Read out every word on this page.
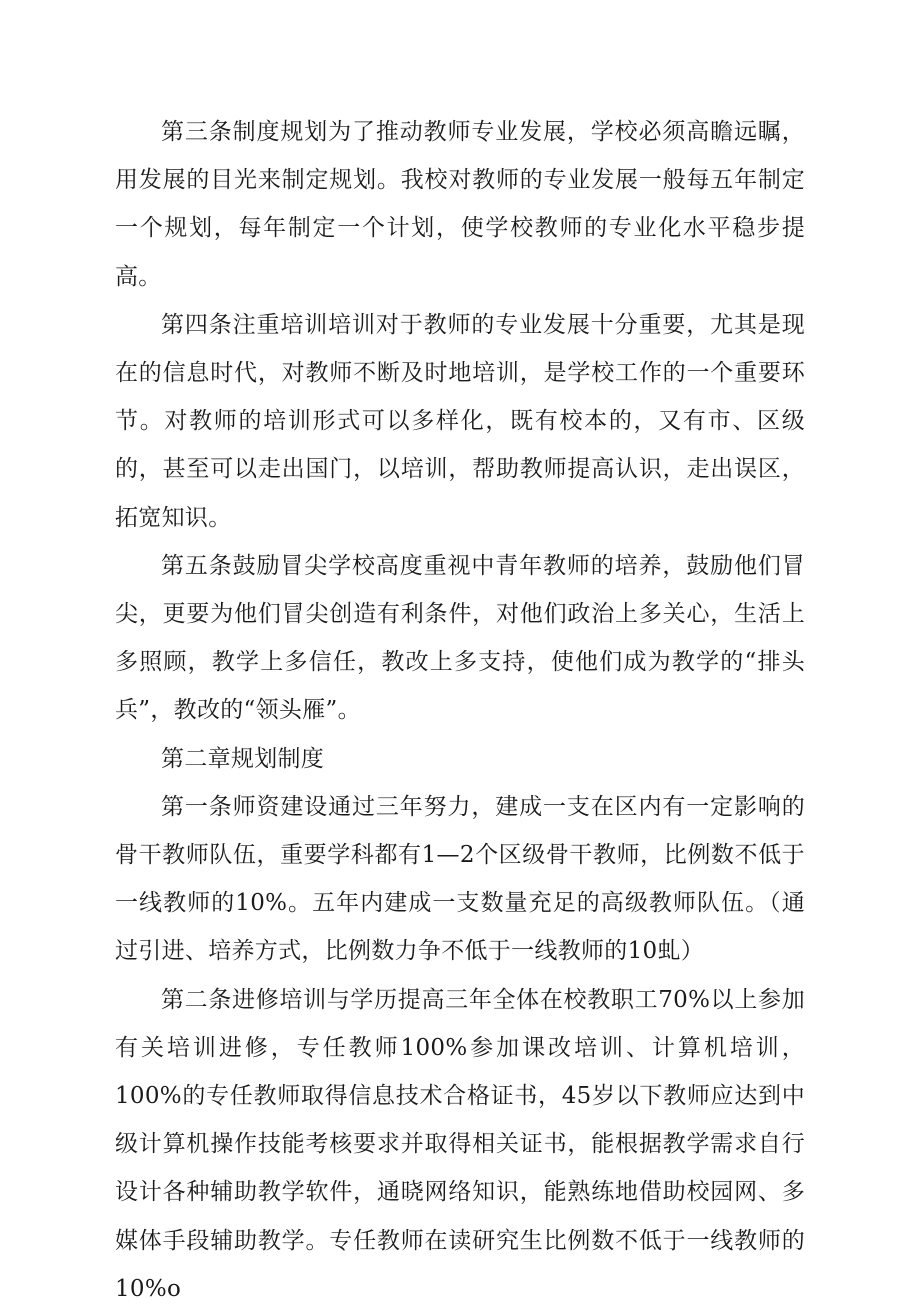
第三条制度规划为了推动教师专业发展，学校必须高瞻远瞩，用发展的目光来制定规划。我校对教师的专业发展一般每五年制定一个规划，每年制定一个计划，使学校教师的专业化水平稳步提高。

第四条注重培训培训对于教师的专业发展十分重要，尤其是现在的信息时代，对教师不断及时地培训，是学校工作的一个重要环节。对教师的培训形式可以多样化，既有校本的，又有市、区级的，甚至可以走出国门，以培训，帮助教师提高认识，走出误区，拓宽知识。

第五条鼓励冒尖学校高度重视中青年教师的培养，鼓励他们冒尖，更要为他们冒尖创造有利条件，对他们政治上多关心，生活上多照顾，教学上多信任，教改上多支持，使他们成为教学的“排头兵”，教改的“领头雁”。

第二章规划制度

第一条师资建设通过三年努力，建成一支在区内有一定影响的骨干教师队伍，重要学科都有1—2个区级骨干教师，比例数不低于一线教师的10%。五年内建成一支数量充足的高级教师队伍。（通过引进、培养方式，比例数力争不低于一线教师的10虬）

第二条进修培训与学历提高三年全体在校教职工70%以上参加有关培训进修，专任教师100%参加课改培训、计算机培训，100%的专任教师取得信息技术合格证书，45岁以下教师应达到中级计算机操作技能考核要求并取得相关证书，能根据教学需求自行设计各种辅助教学软件，通晓网络知识，能熟练地借助校园网、多媒体手段辅助教学。专任教师在读研究生比例数不低于一线教师的10%o
